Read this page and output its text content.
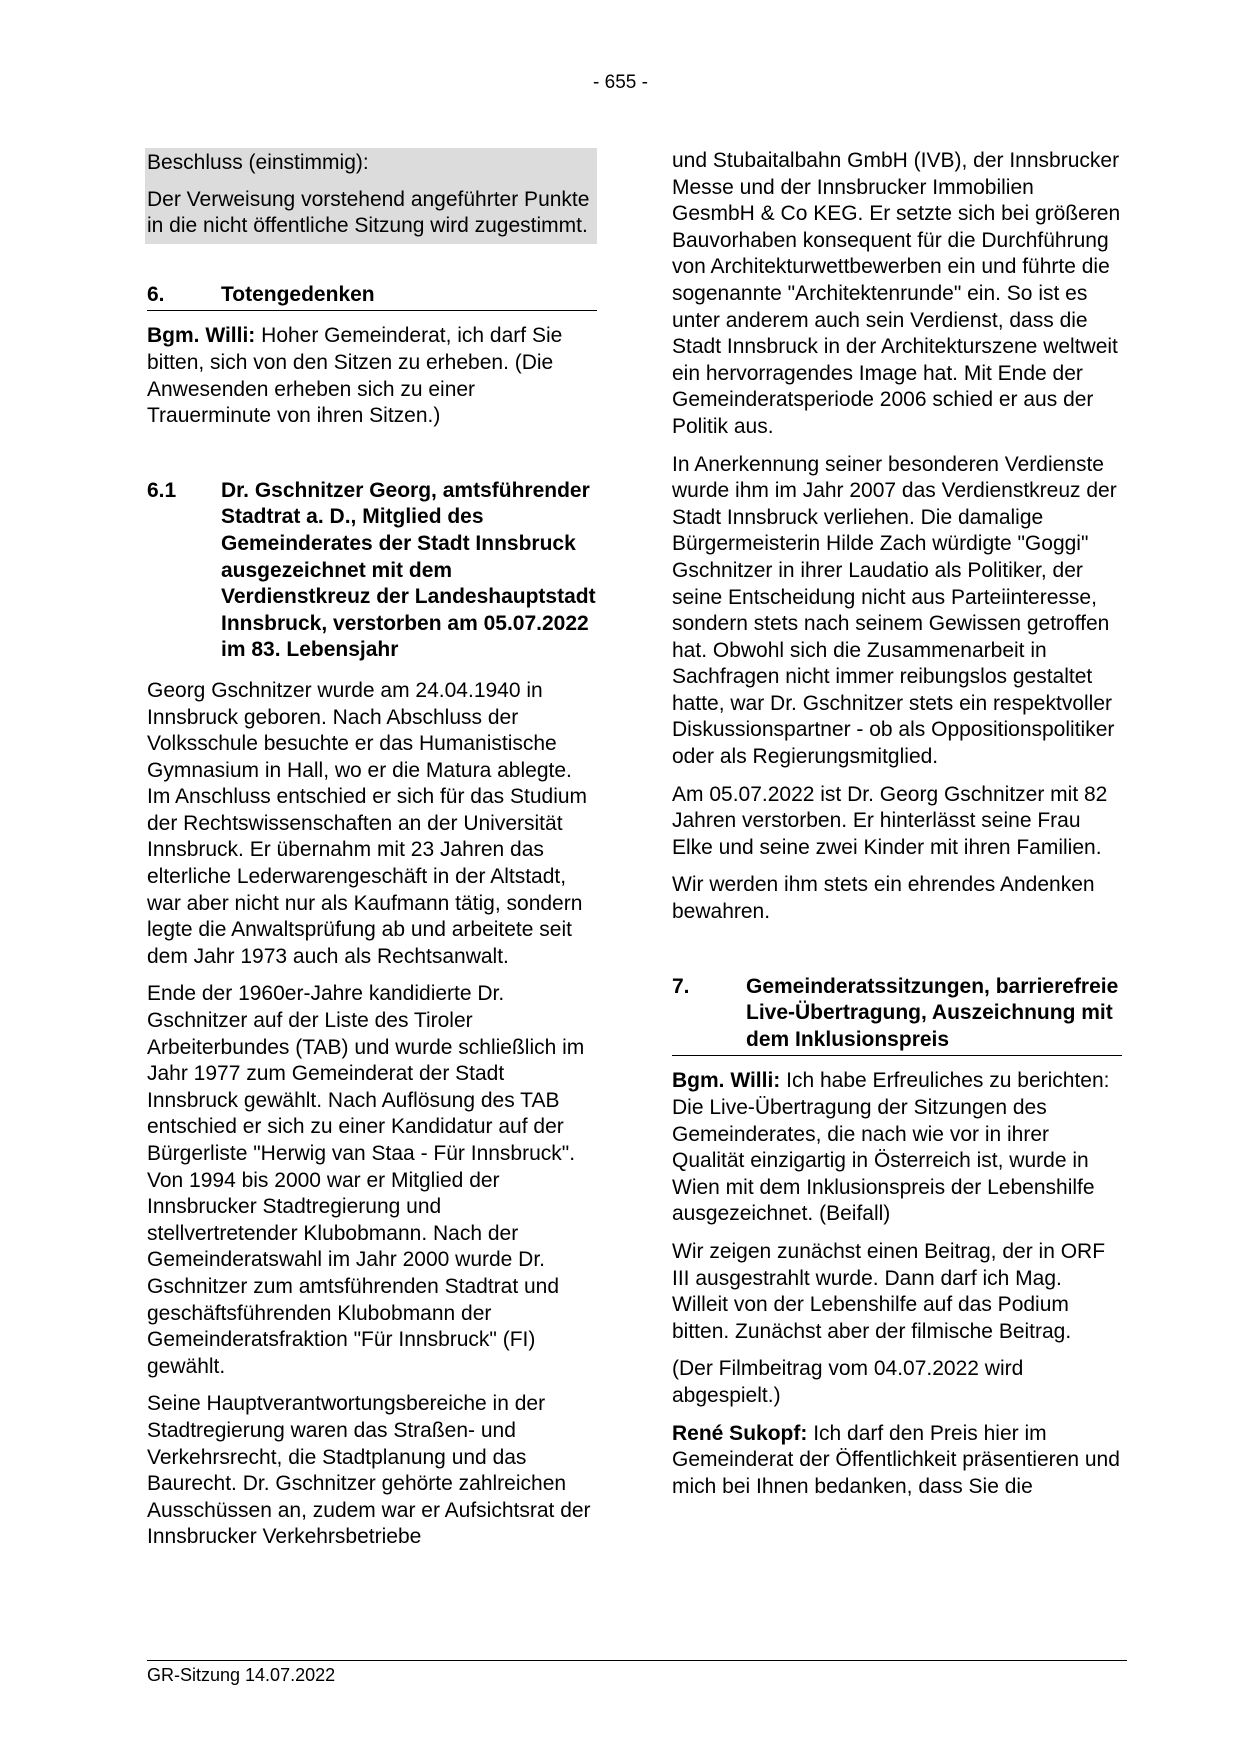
- 655 -

Beschluss (einstimmig):

Der Verweisung vorstehend angeführter Punkte in die nicht öffentliche Sitzung wird zugestimmt.

6.	Totengedenken

Bgm. Willi: Hoher Gemeinderat, ich darf Sie bitten, sich von den Sitzen zu erheben. (Die Anwesenden erheben sich zu einer Trauerminute von ihren Sitzen.)

6.1	Dr. Gschnitzer Georg, amtsführender Stadtrat a. D., Mitglied des Gemeinderates der Stadt Innsbruck ausgezeichnet mit dem Verdienstkreuz der Landeshauptstadt Innsbruck, verstorben am 05.07.2022 im 83. Lebensjahr

Georg Gschnitzer wurde am 24.04.1940 in Innsbruck geboren. Nach Abschluss der Volksschule besuchte er das Humanistische Gymnasium in Hall, wo er die Matura ablegte. Im Anschluss entschied er sich für das Studium der Rechtswissenschaften an der Universität Innsbruck. Er übernahm mit 23 Jahren das elterliche Lederwarengeschäft in der Altstadt, war aber nicht nur als Kaufmann tätig, sondern legte die Anwaltsprüfung ab und arbeitete seit dem Jahr 1973 auch als Rechtsanwalt.

Ende der 1960er-Jahre kandidierte Dr. Gschnitzer auf der Liste des Tiroler Arbeiterbundes (TAB) und wurde schließlich im Jahr 1977 zum Gemeinderat der Stadt Innsbruck gewählt. Nach Auflösung des TAB entschied er sich zu einer Kandidatur auf der Bürgerliste "Herwig van Staa - Für Innsbruck". Von 1994 bis 2000 war er Mitglied der Innsbrucker Stadtregierung und stellvertretender Klubobmann. Nach der Gemeinderatswahl im Jahr 2000 wurde Dr. Gschnitzer zum amtsführenden Stadtrat und geschäftsführenden Klubobmann der Gemeinderatsfraktion "Für Innsbruck" (FI) gewählt.

Seine Hauptverantwortungsbereiche in der Stadtregierung waren das Straßen- und Verkehrsrecht, die Stadtplanung und das Baurecht. Dr. Gschnitzer gehörte zahlreichen Ausschüssen an, zudem war er Aufsichtsrat der Innsbrucker Verkehrsbetriebe

und Stubaitalbahn GmbH (IVB), der Innsbrucker Messe und der Innsbrucker Immobilien GesmbH & Co KEG. Er setzte sich bei größeren Bauvorhaben konsequent für die Durchführung von Architekturwettbewerben ein und führte die sogenannte "Architektenrunde" ein. So ist es unter anderem auch sein Verdienst, dass die Stadt Innsbruck in der Architekturszene weltweit ein hervorragendes Image hat. Mit Ende der Gemeinderatsperiode 2006 schied er aus der Politik aus.

In Anerkennung seiner besonderen Verdienste wurde ihm im Jahr 2007 das Verdienstkreuz der Stadt Innsbruck verliehen. Die damalige Bürgermeisterin Hilde Zach würdigte "Goggi" Gschnitzer in ihrer Laudatio als Politiker, der seine Entscheidung nicht aus Parteiinteresse, sondern stets nach seinem Gewissen getroffen hat. Obwohl sich die Zusammenarbeit in Sachfragen nicht immer reibungslos gestaltet hatte, war Dr. Gschnitzer stets ein respektvoller Diskussionspartner - ob als Oppositionspolitiker oder als Regierungsmitglied.

Am 05.07.2022 ist Dr. Georg Gschnitzer mit 82 Jahren verstorben. Er hinterlässt seine Frau Elke und seine zwei Kinder mit ihren Familien.

Wir werden ihm stets ein ehrendes Andenken bewahren.

7.	Gemeinderatssitzungen, barrierefreie Live-Übertragung, Auszeichnung mit dem Inklusionspreis

Bgm. Willi: Ich habe Erfreuliches zu berichten: Die Live-Übertragung der Sitzungen des Gemeinderates, die nach wie vor in ihrer Qualität einzigartig in Österreich ist, wurde in Wien mit dem Inklusionspreis der Lebenshilfe ausgezeichnet. (Beifall)

Wir zeigen zunächst einen Beitrag, der in ORF III ausgestrahlt wurde. Dann darf ich Mag. Willeit von der Lebenshilfe auf das Podium bitten. Zunächst aber der filmische Beitrag.

(Der Filmbeitrag vom 04.07.2022 wird abgespielt.)

René Sukopf: Ich darf den Preis hier im Gemeinderat der Öffentlichkeit präsentieren und mich bei Ihnen bedanken, dass Sie die

GR-Sitzung 14.07.2022
